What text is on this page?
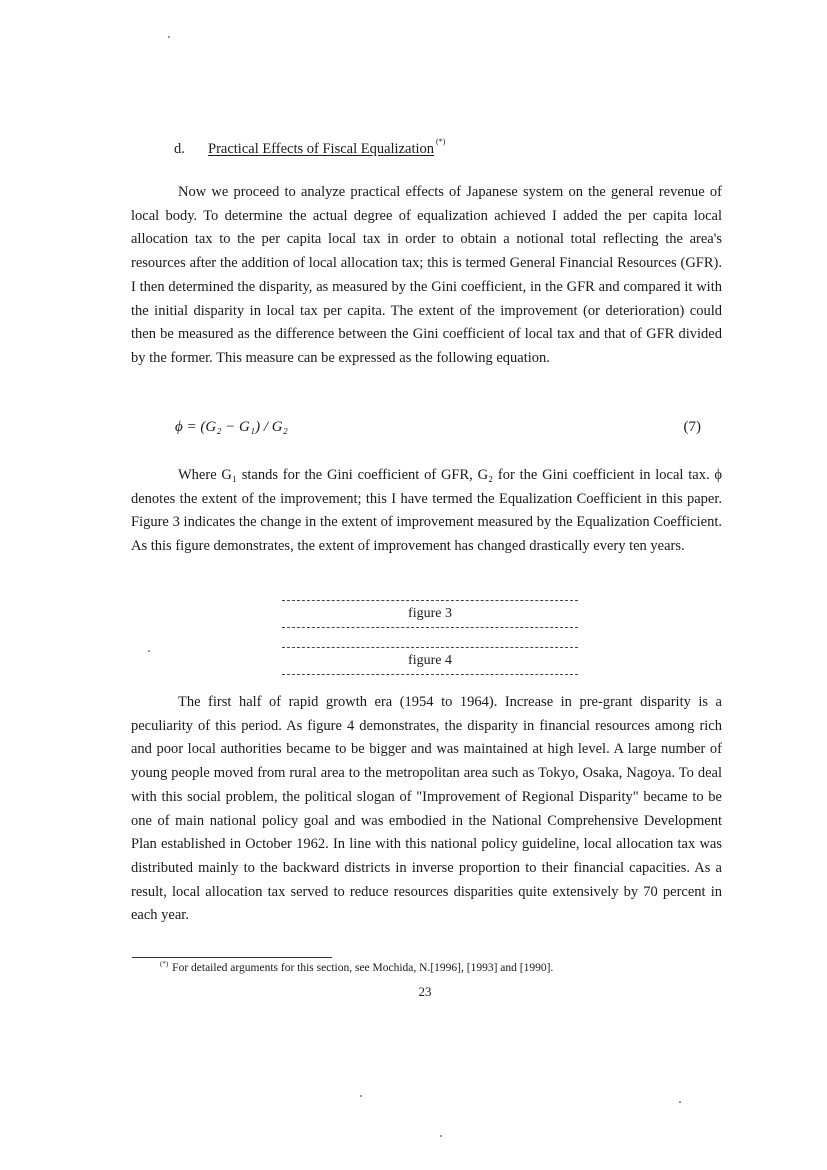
d. Practical Effects of Fiscal Equalization (*)

Now we proceed to analyze practical effects of Japanese system on the general revenue of local body. To determine the actual degree of equalization achieved I added the per capita local allocation tax to the per capita local tax in order to obtain a notional total reflecting the area's resources after the addition of local allocation tax; this is termed General Financial Resources (GFR). I then determined the disparity, as measured by the Gini coefficient, in the GFR and compared it with the initial disparity in local tax per capita. The extent of the improvement (or deterioration) could then be measured as the difference between the Gini coefficient of local tax and that of GFR divided by the former. This measure can be expressed as the following equation.

ϕ = (G₂ − G₁) / G₂	(7)

Where G₁ stands for the Gini coefficient of GFR, G₂ for the Gini coefficient in local tax. ϕ denotes the extent of the improvement; this I have termed the Equalization Coefficient in this paper. Figure 3 indicates the change in the extent of improvement measured by the Equalization Coefficient. As this figure demonstrates, the extent of improvement has changed drastically every ten years.

figure 3
figure 4

The first half of rapid growth era (1954 to 1964). Increase in pre-grant disparity is a peculiarity of this period. As figure 4 demonstrates, the disparity in financial resources among rich and poor local authorities became to be bigger and was maintained at high level. A large number of young people moved from rural area to the metropolitan area such as Tokyo, Osaka, Nagoya. To deal with this social problem, the political slogan of "Improvement of Regional Disparity" became to be one of main national policy goal and was embodied in the National Comprehensive Development Plan established in October 1962. In line with this national policy guideline, local allocation tax was distributed mainly to the backward districts in inverse proportion to their financial capacities. As a result, local allocation tax served to reduce resources disparities quite extensively by 70 percent in each year.

(*) For detailed arguments for this section, see Mochida, N.[1996], [1993] and [1990].
23
